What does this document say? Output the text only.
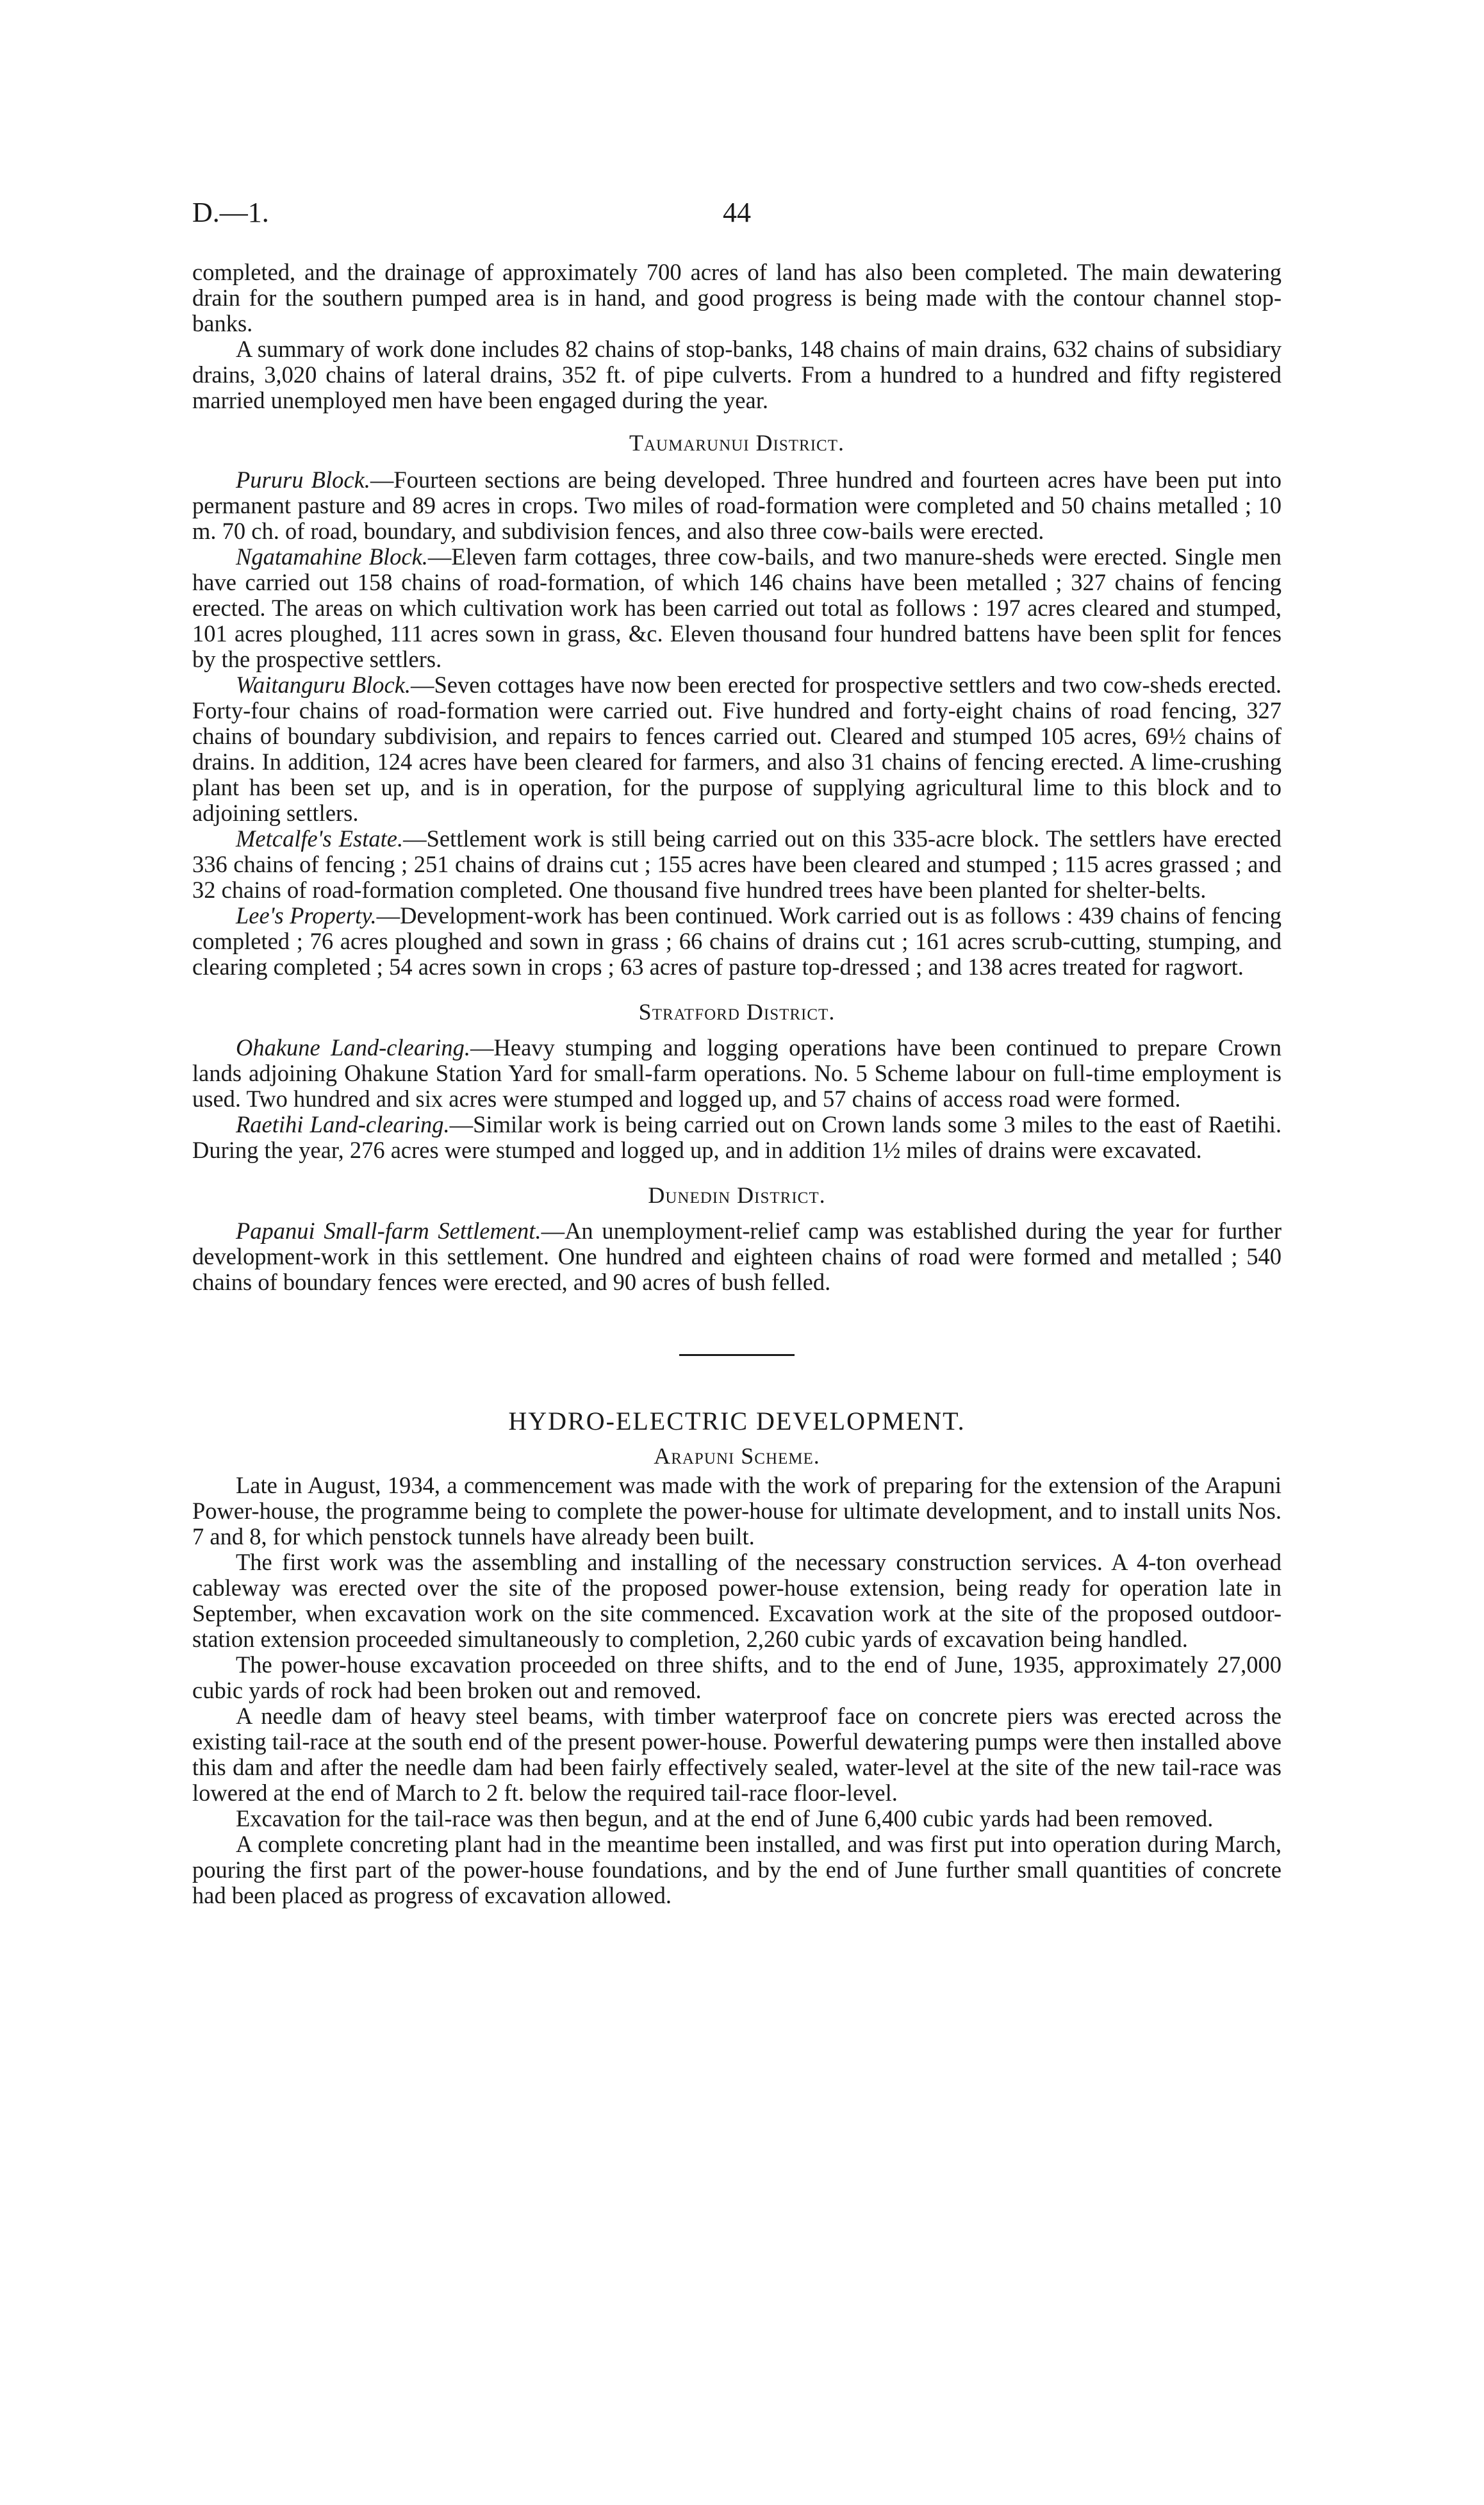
D.—1.	44

completed, and the drainage of approximately 700 acres of land has also been completed. The main dewatering drain for the southern pumped area is in hand, and good progress is being made with the contour channel stop-banks.

A summary of work done includes 82 chains of stop-banks, 148 chains of main drains, 632 chains of subsidiary drains, 3,020 chains of lateral drains, 352 ft. of pipe culverts. From a hundred to a hundred and fifty registered married unemployed men have been engaged during the year.

Taumarunui District.

Pururu Block.—Fourteen sections are being developed. Three hundred and fourteen acres have been put into permanent pasture and 89 acres in crops. Two miles of road-formation were completed and 50 chains metalled ; 10 m. 70 ch. of road, boundary, and subdivision fences, and also three cow-bails were erected.

Ngatamahine Block.—Eleven farm cottages, three cow-bails, and two manure-sheds were erected. Single men have carried out 158 chains of road-formation, of which 146 chains have been metalled ; 327 chains of fencing erected. The areas on which cultivation work has been carried out total as follows : 197 acres cleared and stumped, 101 acres ploughed, 111 acres sown in grass, &c. Eleven thousand four hundred battens have been split for fences by the prospective settlers.

Waitanguru Block.—Seven cottages have now been erected for prospective settlers and two cow-sheds erected. Forty-four chains of road-formation were carried out. Five hundred and forty-eight chains of road fencing, 327 chains of boundary subdivision, and repairs to fences carried out. Cleared and stumped 105 acres, 69½ chains of drains. In addition, 124 acres have been cleared for farmers, and also 31 chains of fencing erected. A lime-crushing plant has been set up, and is in operation, for the purpose of supplying agricultural lime to this block and to adjoining settlers.

Metcalfe's Estate.—Settlement work is still being carried out on this 335-acre block. The settlers have erected 336 chains of fencing ; 251 chains of drains cut ; 155 acres have been cleared and stumped ; 115 acres grassed ; and 32 chains of road-formation completed. One thousand five hundred trees have been planted for shelter-belts.

Lee's Property.—Development-work has been continued. Work carried out is as follows : 439 chains of fencing completed ; 76 acres ploughed and sown in grass ; 66 chains of drains cut ; 161 acres scrub-cutting, stumping, and clearing completed ; 54 acres sown in crops ; 63 acres of pasture top-dressed ; and 138 acres treated for ragwort.

Stratford District.

Ohakune Land-clearing.—Heavy stumping and logging operations have been continued to prepare Crown lands adjoining Ohakune Station Yard for small-farm operations. No. 5 Scheme labour on full-time employment is used. Two hundred and six acres were stumped and logged up, and 57 chains of access road were formed.

Raetihi Land-clearing.—Similar work is being carried out on Crown lands some 3 miles to the east of Raetihi. During the year, 276 acres were stumped and logged up, and in addition 1½ miles of drains were excavated.

Dunedin District.

Papanui Small-farm Settlement.—An unemployment-relief camp was established during the year for further development-work in this settlement. One hundred and eighteen chains of road were formed and metalled ; 540 chains of boundary fences were erected, and 90 acres of bush felled.

HYDRO-ELECTRIC DEVELOPMENT.
Arapuni Scheme.

Late in August, 1934, a commencement was made with the work of preparing for the extension of the Arapuni Power-house, the programme being to complete the power-house for ultimate development, and to install units Nos. 7 and 8, for which penstock tunnels have already been built.

The first work was the assembling and installing of the necessary construction services. A 4-ton overhead cableway was erected over the site of the proposed power-house extension, being ready for operation late in September, when excavation work on the site commenced. Excavation work at the site of the proposed outdoor-station extension proceeded simultaneously to completion, 2,260 cubic yards of excavation being handled.

The power-house excavation proceeded on three shifts, and to the end of June, 1935, approximately 27,000 cubic yards of rock had been broken out and removed.

A needle dam of heavy steel beams, with timber waterproof face on concrete piers was erected across the existing tail-race at the south end of the present power-house. Powerful dewatering pumps were then installed above this dam and after the needle dam had been fairly effectively sealed, water-level at the site of the new tail-race was lowered at the end of March to 2 ft. below the required tail-race floor-level.

Excavation for the tail-race was then begun, and at the end of June 6,400 cubic yards had been removed.

A complete concreting plant had in the meantime been installed, and was first put into operation during March, pouring the first part of the power-house foundations, and by the end of June further small quantities of concrete had been placed as progress of excavation allowed.
